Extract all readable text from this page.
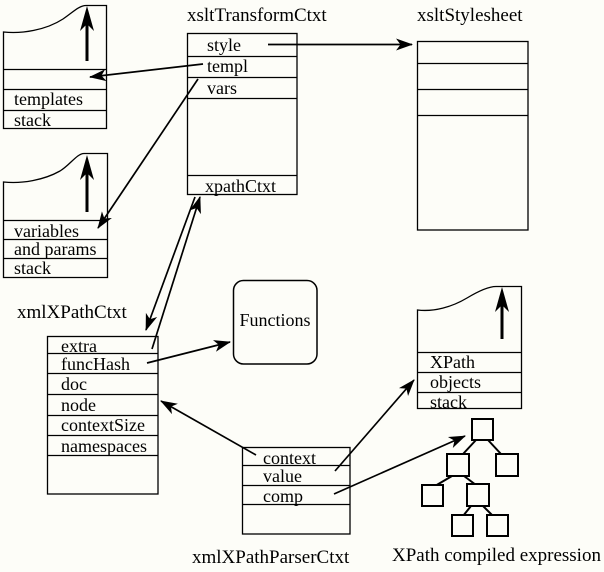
xsltTransformCtxt	xsltStylesheet
xmlXPathCtxt
xmlXPathParserCtxt XPath compiled expression
style
templ
vars
xpathCtxt
extra
funcHash
doc
node
contextSize
namespaces
context
value
comp
templates
stack
variables
and params
stack
XPath
objects
stack
Functions
